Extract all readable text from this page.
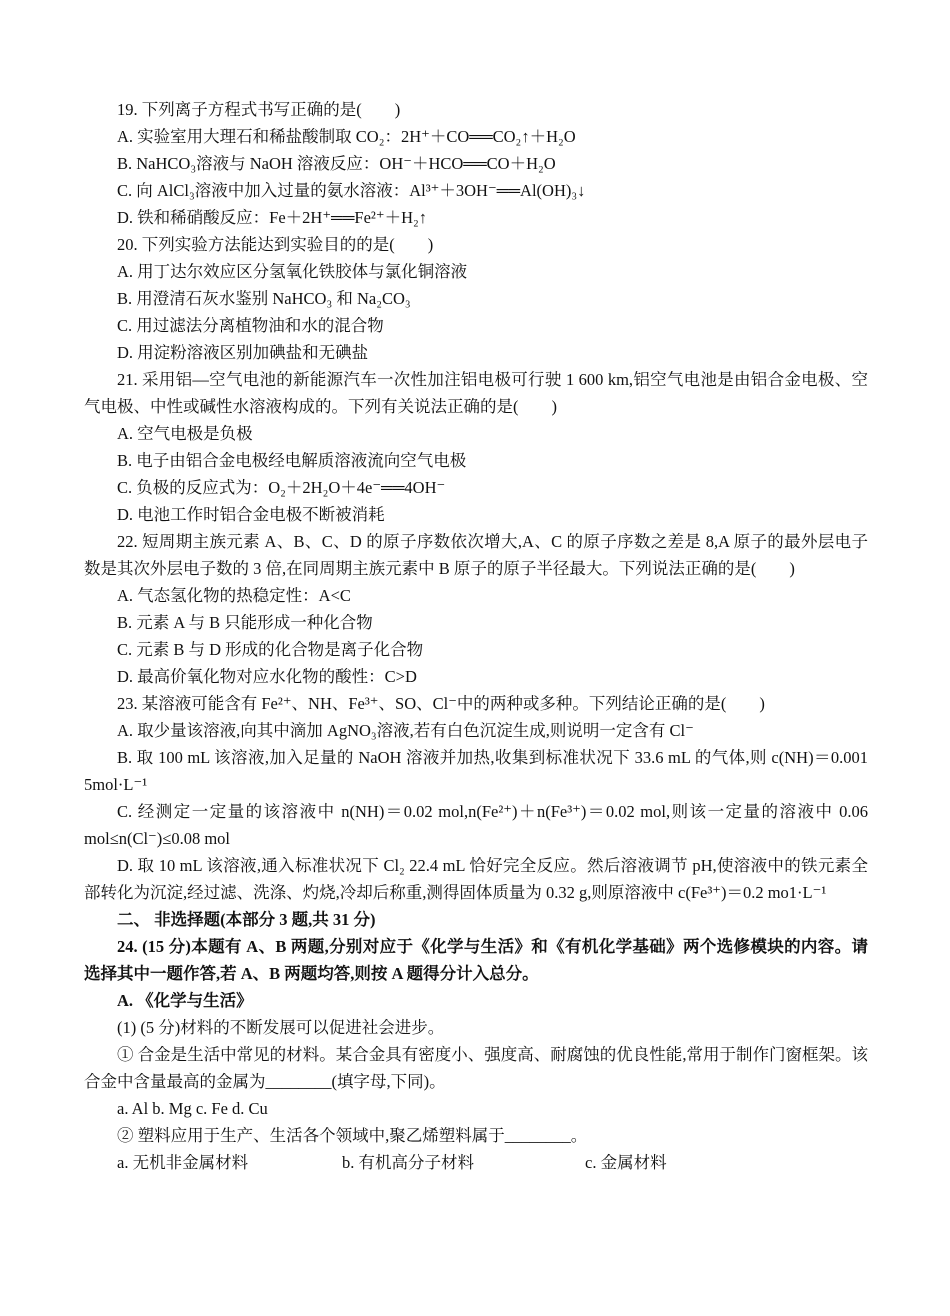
19. 下列离子方程式书写正确的是(　　)
A. 实验室用大理石和稀盐酸制取 CO₂：2H⁺＋CO══CO₂↑＋H₂O
B. NaHCO₃溶液与 NaOH 溶液反应：OH⁻＋HCO══CO＋H₂O
C. 向 AlCl₃溶液中加入过量的氨水溶液：Al³⁺＋3OH⁻══Al(OH)₃↓
D. 铁和稀硝酸反应：Fe＋2H⁺══Fe²⁺＋H₂↑
20. 下列实验方法能达到实验目的的是(　　)
A. 用丁达尔效应区分氢氧化铁胶体与氯化铜溶液
B. 用澄清石灰水鉴别 NaHCO₃ 和 Na₂CO₃
C. 用过滤法分离植物油和水的混合物
D. 用淀粉溶液区别加碘盐和无碘盐
21. 采用铝—空气电池的新能源汽车一次性加注铝电极可行驶 1 600 km,铝空气电池是由铝合金电极、空气电极、中性或碱性水溶液构成的。下列有关说法正确的是(　　)
A. 空气电极是负极
B. 电子由铝合金电极经电解质溶液流向空气电极
C. 负极的反应式为：O₂＋2H₂O＋4e⁻══4OH⁻
D. 电池工作时铝合金电极不断被消耗
22. 短周期主族元素 A、B、C、D 的原子序数依次增大,A、C 的原子序数之差是 8,A 原子的最外层电子数是其次外层电子数的 3 倍,在同周期主族元素中 B 原子的原子半径最大。下列说法正确的是(　　)
A. 气态氢化物的热稳定性：A<C
B. 元素 A 与 B 只能形成一种化合物
C. 元素 B 与 D 形成的化合物是离子化合物
D. 最高价氧化物对应水化物的酸性：C>D
23. 某溶液可能含有 Fe²⁺、NH、Fe³⁺、SO、Cl⁻中的两种或多种。下列结论正确的是(　　)
A. 取少量该溶液,向其中滴加 AgNO₃溶液,若有白色沉淀生成,则说明一定含有 Cl⁻
B. 取 100 mL 该溶液,加入足量的 NaOH 溶液并加热,收集到标准状况下 33.6 mL 的气体,则 c(NH)＝0.001 5mol·L⁻¹
C. 经测定一定量的该溶液中 n(NH)＝0.02 mol,n(Fe²⁺)＋n(Fe³⁺)＝0.02 mol,则该一定量的溶液中 0.06 mol≤n(Cl⁻)≤0.08 mol
D. 取 10 mL 该溶液,通入标准状况下 Cl₂ 22.4 mL 恰好完全反应。然后溶液调节 pH,使溶液中的铁元素全部转化为沉淀,经过滤、洗涤、灼烧,冷却后称重,测得固体质量为 0.32 g,则原溶液中 c(Fe³⁺)＝0.2 mo1·L⁻¹
二、 非选择题(本部分 3 题,共 31 分)
24. (15 分)本题有 A、B 两题,分别对应于《化学与生活》和《有机化学基础》两个选修模块的内容。请选择其中一题作答,若 A、B 两题均答,则按 A 题得分计入总分。
A. 《化学与生活》
(1) (5 分)材料的不断发展可以促进社会进步。
① 合金是生活中常见的材料。某合金具有密度小、强度高、耐腐蚀的优良性能,常用于制作门窗框架。该合金中含量最高的金属为________(填字母,下同)。
a. Al b. Mg c. Fe d. Cu
② 塑料应用于生产、生活各个领域中,聚乙烯塑料属于________。
a. 无机非金属材料	b. 有机高分子材料	c. 金属材料
